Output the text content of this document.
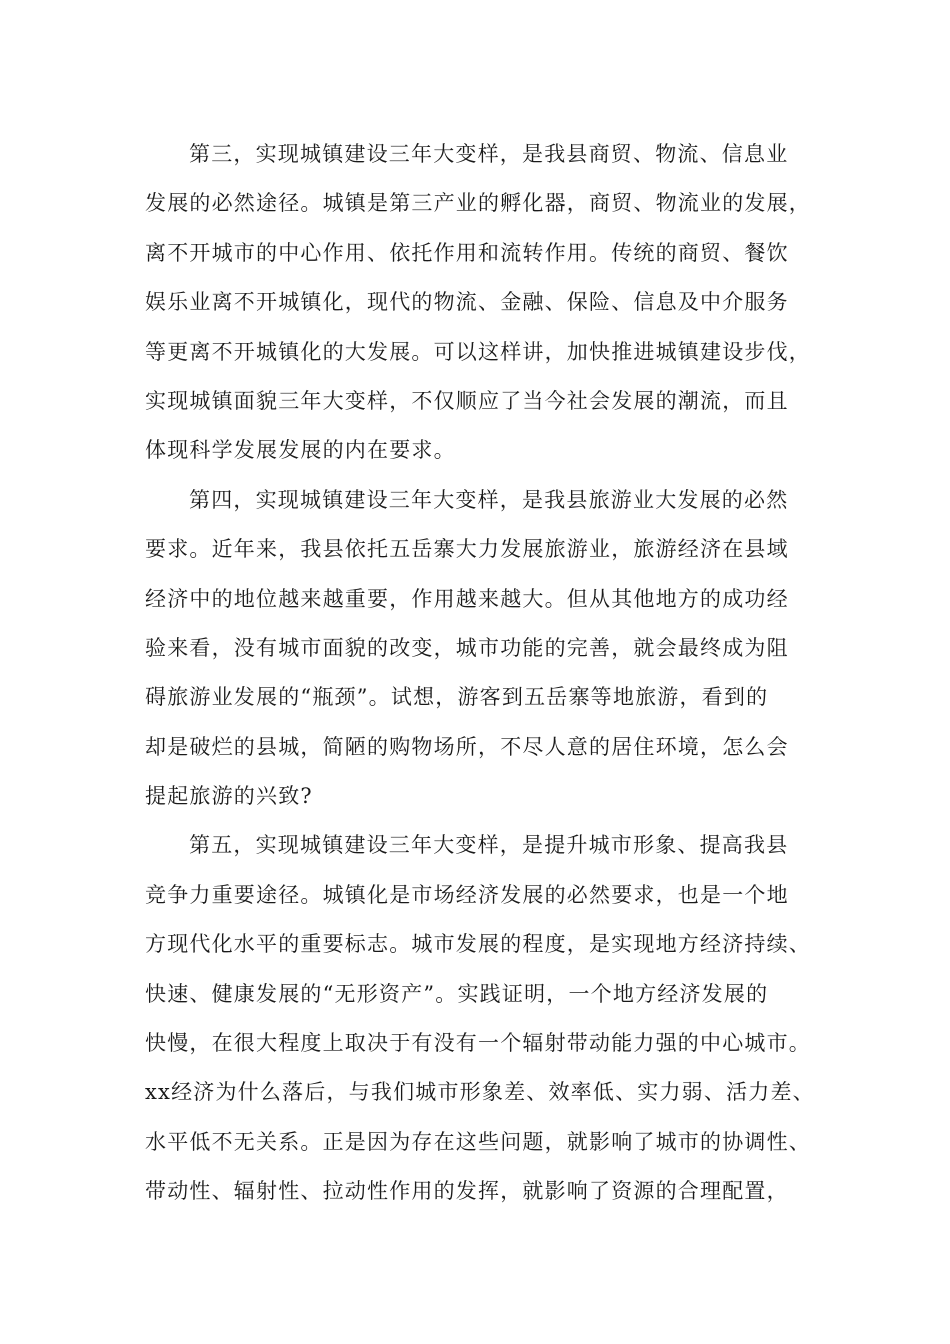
第三，实现城镇建设三年大变样，是我县商贸、物流、信息业
发展的必然途径。城镇是第三产业的孵化器，商贸、物流业的发展，
离不开城市的中心作用、依托作用和流转作用。传统的商贸、餐饮
娱乐业离不开城镇化，现代的物流、金融、保险、信息及中介服务
等更离不开城镇化的大发展。可以这样讲，加快推进城镇建设步伐，
实现城镇面貌三年大变样，不仅顺应了当今社会发展的潮流，而且
体现科学发展发展的内在要求。
第四，实现城镇建设三年大变样，是我县旅游业大发展的必然
要求。近年来，我县依托五岳寨大力发展旅游业，旅游经济在县域
经济中的地位越来越重要，作用越来越大。但从其他地方的成功经
验来看，没有城市面貌的改变，城市功能的完善，就会最终成为阻
碍旅游业发展的“瓶颈”。试想，游客到五岳寨等地旅游，看到的
却是破烂的县城，简陋的购物场所，不尽人意的居住环境，怎么会
提起旅游的兴致?
第五，实现城镇建设三年大变样，是提升城市形象、提高我县
竞争力重要途径。城镇化是市场经济发展的必然要求，也是一个地
方现代化水平的重要标志。城市发展的程度，是实现地方经济持续、
快速、健康发展的“无形资产”。实践证明，一个地方经济发展的
快慢，在很大程度上取决于有没有一个辐射带动能力强的中心城市。
xx经济为什么落后，与我们城市形象差、效率低、实力弱、活力差、
水平低不无关系。正是因为存在这些问题，就影响了城市的协调性、
带动性、辐射性、拉动性作用的发挥，就影响了资源的合理配置，
